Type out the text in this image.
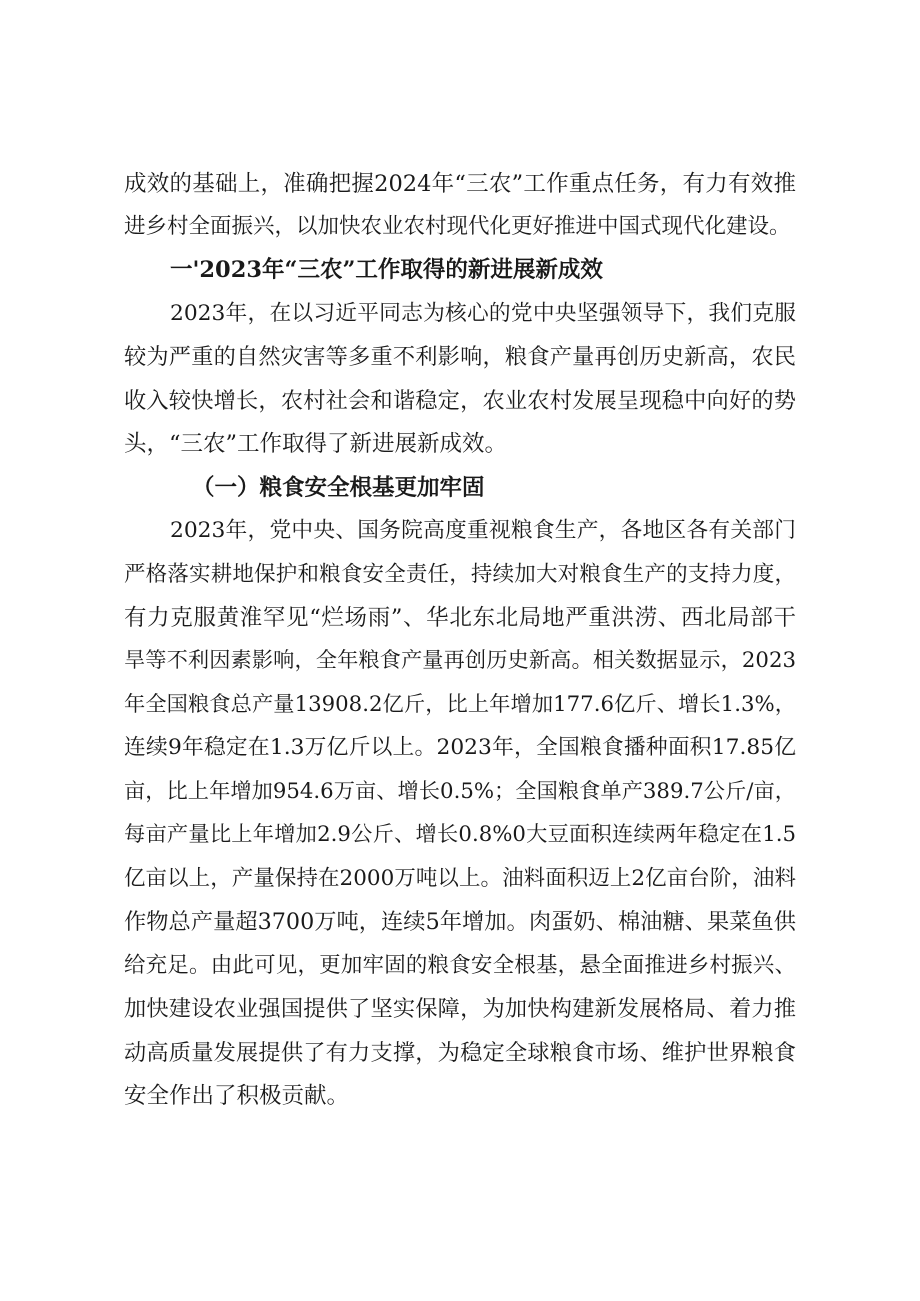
成效的基础上，准确把握2024年“三农”工作重点任务，有力有效推
进乡村全面振兴，以加快农业农村现代化更好推进中国式现代化建设。
一'2023年“三农”工作取得的新进展新成效
2023年，在以习近平同志为核心的党中央坚强领导下，我们克服
较为严重的自然灾害等多重不利影响，粮食产量再创历史新高，农民
收入较快增长，农村社会和谐稳定，农业农村发展呈现稳中向好的势
头，“三农”工作取得了新进展新成效。
（一）粮食安全根基更加牢固
2023年，党中央、国务院高度重视粮食生产，各地区各有关部门
严格落实耕地保护和粮食安全责任，持续加大对粮食生产的支持力度，
有力克服黄淮罕见“烂场雨”、华北东北局地严重洪涝、西北局部干
旱等不利因素影响，全年粮食产量再创历史新高。相关数据显示，2023
年全国粮食总产量13908.2亿斤，比上年增加177.6亿斤、增长1.3%，
连续9年稳定在1.3万亿斤以上。2023年，全国粮食播种面积17.85亿
亩，比上年增加954.6万亩、增长0.5%；全国粮食单产389.7公斤/亩，
每亩产量比上年增加2.9公斤、增长0.8%0大豆面积连续两年稳定在1.5
亿亩以上，产量保持在2000万吨以上。油料面积迈上2亿亩台阶，油料
作物总产量超3700万吨，连续5年增加。肉蛋奶、棉油糖、果菜鱼供
给充足。由此可见，更加牢固的粮食安全根基，悬全面推进乡村振兴、
加快建设农业强国提供了坚实保障，为加快构建新发展格局、着力推
动高质量发展提供了有力支撑，为稳定全球粮食市场、维护世界粮食
安全作出了积极贡献。
